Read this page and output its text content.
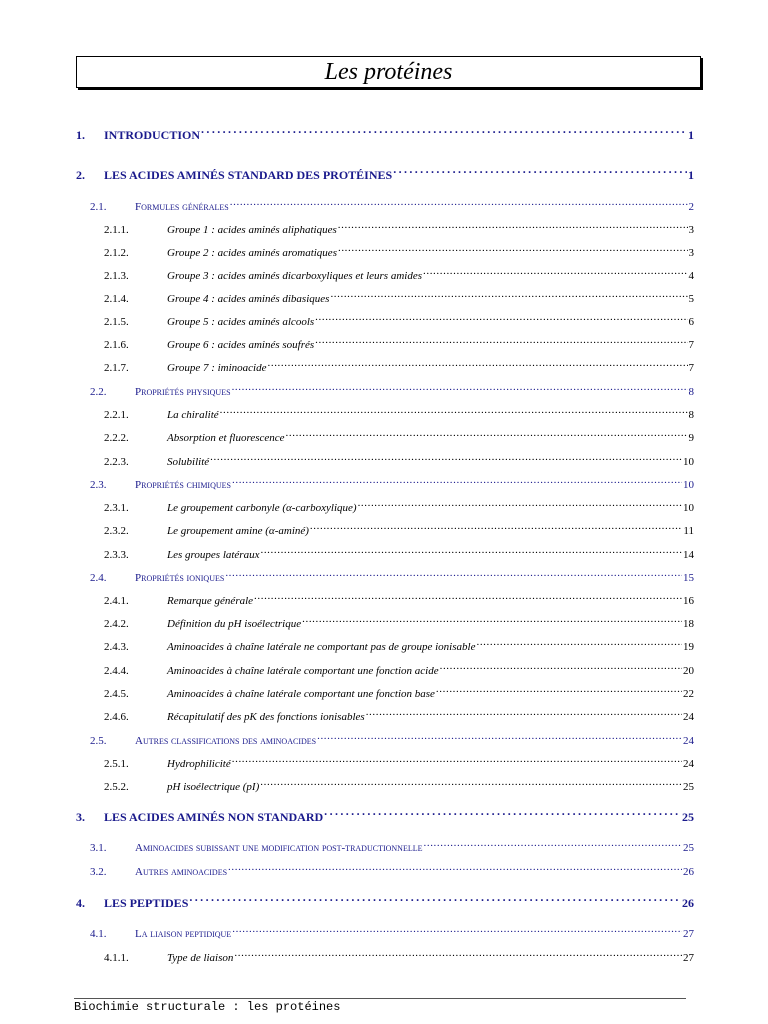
Les protéines
1.	INTRODUCTION .....	1
2.	LES ACIDES AMINÉS STANDARD DES PROTÉINES .....	1
2.1.	Formules générales .....	2
2.1.1.	Groupe 1 : acides aminés aliphatiques .....	3
2.1.2.	Groupe 2 : acides aminés aromatiques .....	3
2.1.3.	Groupe 3 : acides aminés dicarboxyliques et leurs amides .....	4
2.1.4.	Groupe 4 : acides aminés dibasiques .....	5
2.1.5.	Groupe 5 : acides aminés alcools .....	6
2.1.6.	Groupe 6 : acides aminés soufrés .....	7
2.1.7.	Groupe 7 : iminoacide .....	7
2.2.	Propriétés physiques .....	8
2.2.1.	La chiralité .....	8
2.2.2.	Absorption et fluorescence .....	9
2.2.3.	Solubilité .....	10
2.3.	Propriétés chimiques .....	10
2.3.1.	Le groupement carbonyle (α-carboxylique) .....	10
2.3.2.	Le groupement amine (α-aminé) .....	11
2.3.3.	Les groupes latéraux .....	14
2.4.	Propriétés ioniques .....	15
2.4.1.	Remarque générale .....	16
2.4.2.	Définition du pH isoélectrique .....	18
2.4.3.	Aminoacides à chaîne latérale ne comportant pas de groupe ionisable .....	19
2.4.4.	Aminoacides à chaîne latérale comportant une fonction acide .....	20
2.4.5.	Aminoacides à chaîne latérale comportant une fonction base .....	22
2.4.6.	Récapitulatif des pK des fonctions ionisables .....	24
2.5.	Autres classifications des aminoacides .....	24
2.5.1.	Hydrophilicité .....	24
2.5.2.	pH isoélectrique (pI) .....	25
3.	LES ACIDES AMINÉS NON STANDARD .....	25
3.1.	Aminoacides subissant une modification post-traductionnelle .....	25
3.2.	Autres aminoacides .....	26
4.	LES PEPTIDES .....	26
4.1.	La liaison peptidique .....	27
4.1.1.	Type de liaison .....	27
Biochimie structurale : les protéines
